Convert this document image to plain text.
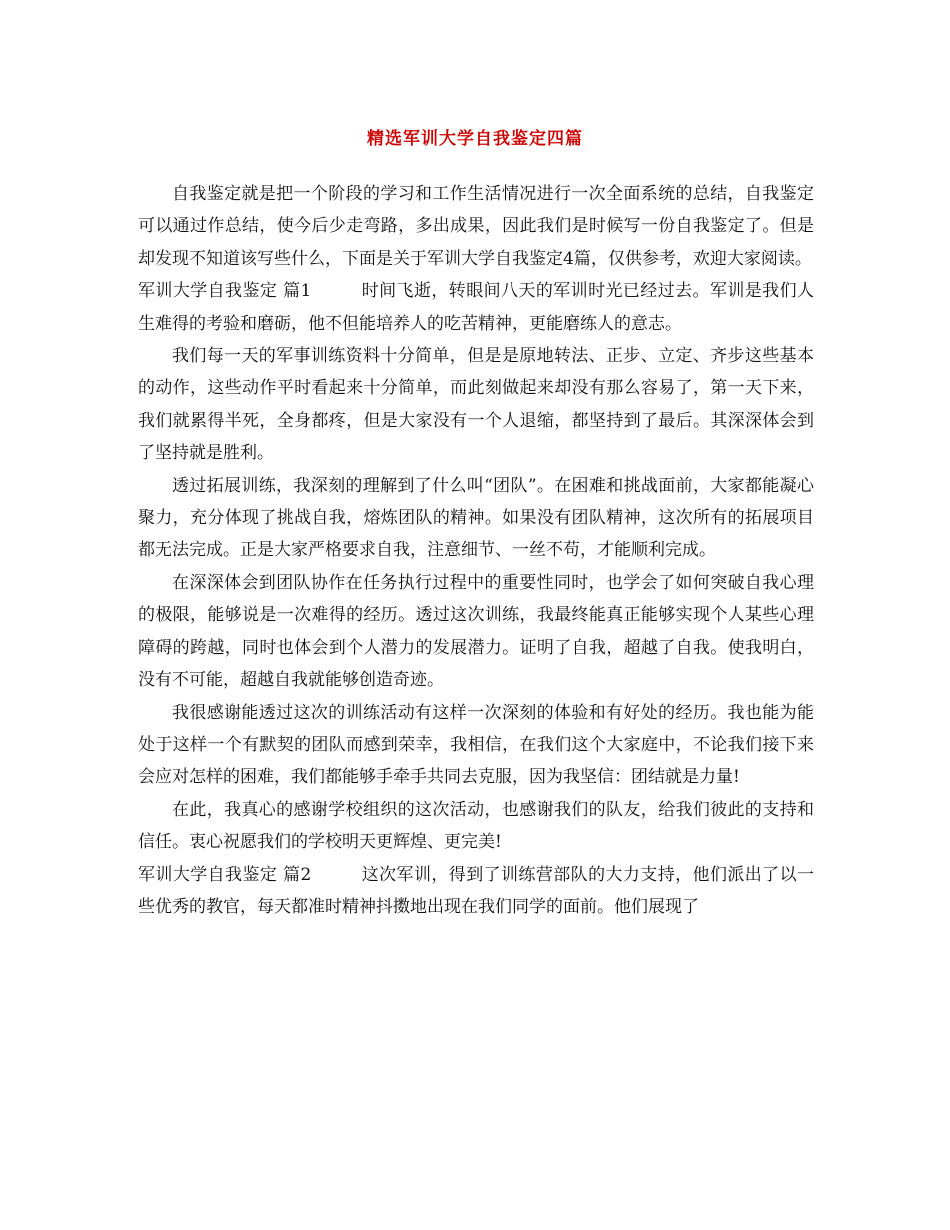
精选军训大学自我鉴定四篇

自我鉴定就是把一个阶段的学习和工作生活情况进行一次全面系统的总结，自我鉴定可以通过作总结，使今后少走弯路，多出成果，因此我们是时候写一份自我鉴定了。但是却发现不知道该写些什么，下面是关于军训大学自我鉴定4篇，仅供参考，欢迎大家阅读。

军训大学自我鉴定 篇1	时间飞逝，转眼间八天的军训时光已经过去。军训是我们人生难得的考验和磨砺，他不但能培养人的吃苦精神，更能磨练人的意志。

我们每一天的军事训练资料十分简单，但是是原地转法、正步、立定、齐步这些基本的动作，这些动作平时看起来十分简单，而此刻做起来却没有那么容易了，第一天下来，我们就累得半死，全身都疼，但是大家没有一个人退缩，都坚持到了最后。其深深体会到了坚持就是胜利。

透过拓展训练，我深刻的理解到了什么叫“团队”。在困难和挑战面前，大家都能凝心聚力，充分体现了挑战自我，熔炼团队的精神。如果没有团队精神，这次所有的拓展项目都无法完成。正是大家严格要求自我，注意细节、一丝不苟，才能顺利完成。

在深深体会到团队协作在任务执行过程中的重要性同时，也学会了如何突破自我心理的极限，能够说是一次难得的经历。透过这次训练，我最终能真正能够实现个人某些心理障碍的跨越，同时也体会到个人潜力的发展潜力。证明了自我，超越了自我。使我明白，没有不可能，超越自我就能够创造奇迹。

我很感谢能透过这次的训练活动有这样一次深刻的体验和有好处的经历。我也能为能处于这样一个有默契的团队而感到荣幸，我相信，在我们这个大家庭中，不论我们接下来会应对怎样的困难，我们都能够手牵手共同去克服，因为我坚信：团结就是力量!

在此，我真心的感谢学校组织的这次活动，也感谢我们的队友，给我们彼此的支持和信任。衷心祝愿我们的学校明天更辉煌、更完美!

军训大学自我鉴定 篇2	这次军训，得到了训练营部队的大力支持，他们派出了以一些优秀的教官，每天都准时精神抖擞地出现在我们同学的面前。他们展现了
